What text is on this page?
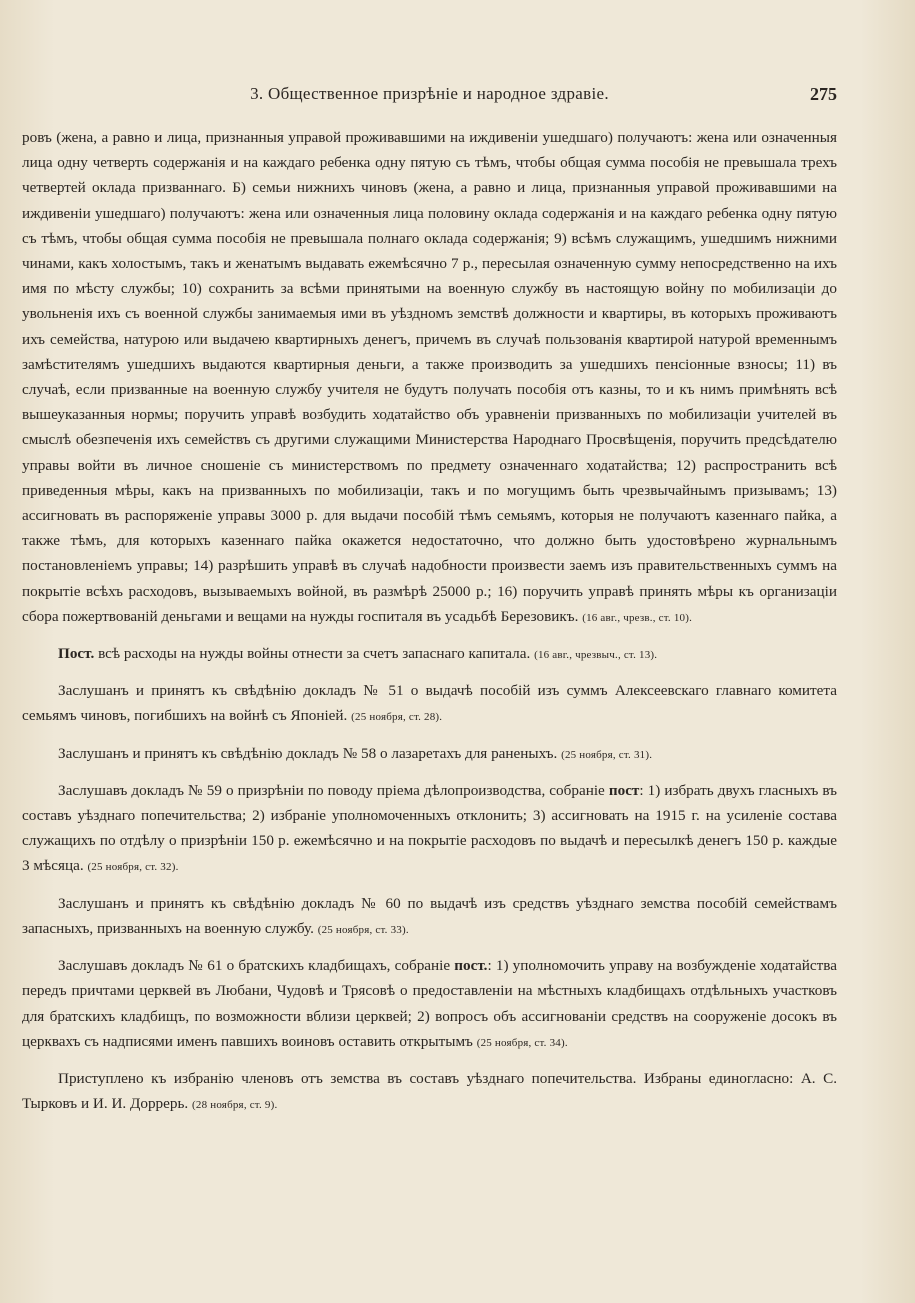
3. Общественное призрѣніе и народное здравіе.	275

ровъ (жена, а равно и лица, признанныя управой проживавшими на иждивеніи ушедшаго) получаютъ: жена или означенныя лица одну четверть содержанія и на каждаго ребенка одну пятую съ тѣмъ, чтобы общая сумма пособія не превышала трехъ четвертей оклада призваннаго. Б) семьи нижнихъ чиновъ (жена, а равно и лица, признанныя управой проживавшими на иждивеніи ушедшаго) получаютъ: жена или означенныя лица половину оклада содержанія и на каждаго ребенка одну пятую съ тѣмъ, чтобы общая сумма пособія не превышала полнаго оклада содержанія; 9) всѣмъ служащимъ, ушедшимъ нижними чинами, какъ холостымъ, такъ и женатымъ выдавать ежемѣсячно 7 р., пересылая означенную сумму непосредственно на ихъ имя по мѣсту службы; 10) сохранить за всѣми принятыми на военную службу въ настоящую войну по мобилизаціи до увольненія ихъ съ военной службы занимаемыя ими въ уѣздномъ земствѣ должности и квартиры, въ которыхъ проживаютъ ихъ семейства, натурою или выдачею квартирныхъ денегъ, причемъ въ случаѣ пользованія квартирой натурой временнымъ замѣстителямъ ушедшихъ выдаются квартирныя деньги, а также производить за ушедшихъ пенсіонные взносы; 11) въ случаѣ, если призванные на военную службу учителя не будутъ получать пособія отъ казны, то и къ нимъ примѣнять всѣ вышеуказанныя нормы; поручить управѣ возбудить ходатайство объ уравненіи призванныхъ по мобилизаціи учителей въ смыслѣ обезпеченія ихъ семействъ съ другими служащими Министерства Народнаго Просвѣщенія, поручить предсѣдателю управы войти въ личное сношеніе съ министерствомъ по предмету означеннаго ходатайства; 12) распространить всѣ приведенныя мѣры, какъ на призванныхъ по мобилизаціи, такъ и по могущимъ быть чрезвычайнымъ призывамъ; 13) ассигновать въ распоряженіе управы 3000 р. для выдачи пособій тѣмъ семьямъ, которыя не получаютъ казеннаго пайка, а также тѣмъ, для которыхъ казеннаго пайка окажется недостаточно, что должно быть удостовѣрено журнальнымъ постановленіемъ управы; 14) разрѣшить управѣ въ случаѣ надобности произвести заемъ изъ правительственныхъ суммъ на покрытіе всѣхъ расходовъ, вызываемыхъ войной, въ размѣрѣ 25000 р.; 16) поручить управѣ принять мѣры къ организаціи сбора пожертвованій деньгами и вещами на нужды госпиталя въ усадьбѣ Березовикъ. (16 авг., чрезв., ст. 10).

Пост. всѣ расходы на нужды войны отнести за счетъ запаснаго капитала. (16 авг., чрезвыч., ст. 13).

Заслушанъ и принятъ къ свѣдѣнію докладъ № 51 о выдачѣ пособій изъ суммъ Алексеевскаго главнаго комитета семьямъ чиновъ, погибшихъ на войнѣ съ Японіей. (25 ноября, ст. 28).

Заслушанъ и принятъ къ свѣдѣнію докладъ № 58 о лазаретахъ для раненыхъ. (25 ноября, ст. 31).

Заслушавъ докладъ № 59 о призрѣніи по поводу пріема дѣлопроизводства, собраніе пост: 1) избрать двухъ гласныхъ въ составъ уѣзднаго попечительства; 2) избраніе уполномоченныхъ отклонить; 3) ассигновать на 1915 г. на усиленіе состава служащихъ по отдѣлу о призрѣніи 150 р. ежемѣсячно и на покрытіе расходовъ по выдачѣ и пересылкѣ денегъ 150 р. каждые 3 мѣсяца. (25 ноября, ст. 32).

Заслушанъ и принятъ къ свѣдѣнію докладъ № 60 по выдачѣ изъ средствъ уѣзднаго земства пособій семействамъ запасныхъ, призванныхъ на военную службу. (25 ноября, ст. 33).

Заслушавъ докладъ № 61 о братскихъ кладбищахъ, собраніе пост.: 1) уполномочить управу на возбужденіе ходатайства передъ причтами церквей въ Любани, Чудовѣ и Трясовѣ о предоставленіи на мѣстныхъ кладбищахъ отдѣльныхъ участковъ для братскихъ кладбищъ, по возможности вблизи церквей; 2) вопросъ объ ассигнованіи средствъ на сооруженіе досокъ въ церквахъ съ надписями именъ павшихъ воиновъ оставить открытымъ (25 ноября, ст. 34).

Приступлено къ избранію членовъ отъ земства въ составъ уѣзднаго попечительства. Избраны единогласно: А. С. Тырковъ и И. И. Доррерь. (28 ноября, ст. 9).
